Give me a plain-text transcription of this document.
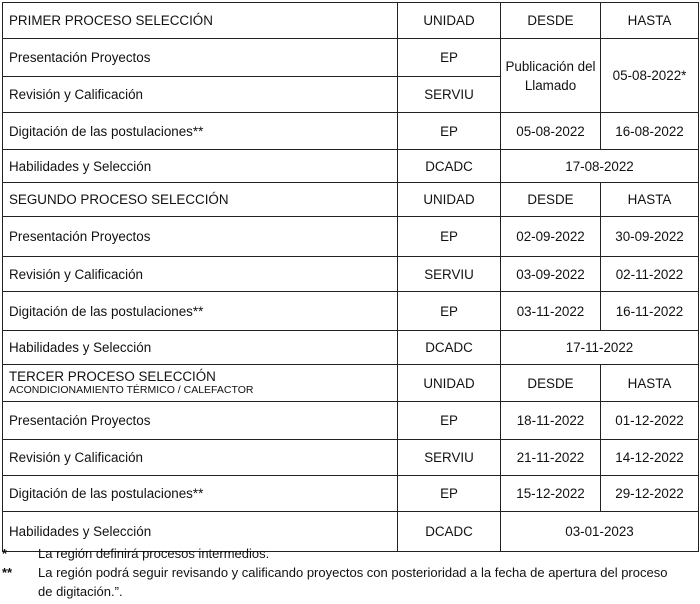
PRIMER PROCESO SELECCIÓN	UNIDAD	DESDE	HASTA
Presentación Proyectos	EP	Publicación del Llamado	05-08-2022*
Revisión y Calificación	SERVIU		
Digitación de las postulaciones**	EP	05-08-2022	16-08-2022
Habilidades y Selección	DCADC	17-08-2022	
SEGUNDO PROCESO SELECCIÓN	UNIDAD	DESDE	HASTA
Presentación Proyectos	EP	02-09-2022	30-09-2022
Revisión y Calificación	SERVIU	03-09-2022	02-11-2022
Digitación de las postulaciones**	EP	03-11-2022	16-11-2022
Habilidades y Selección	DCADC	17-11-2022	

TERCER PROCESO SELECCIÓN
ACONDICIONAMIENTO TÉRMICO / CALEFACTOR	UNIDAD	DESDE	HASTA
Presentación Proyectos	EP	18-11-2022	01-12-2022
Revisión y Calificación	SERVIU	21-11-2022	14-12-2022
Digitación de las postulaciones**	EP	15-12-2022	29-12-2022
Habilidades y Selección	DCADC	03-01-2023	
*	La región definirá procesos intermedios.
**	La región podrá seguir revisando y calificando proyectos con posterioridad a la fecha de apertura del proceso
de digitación.”.
